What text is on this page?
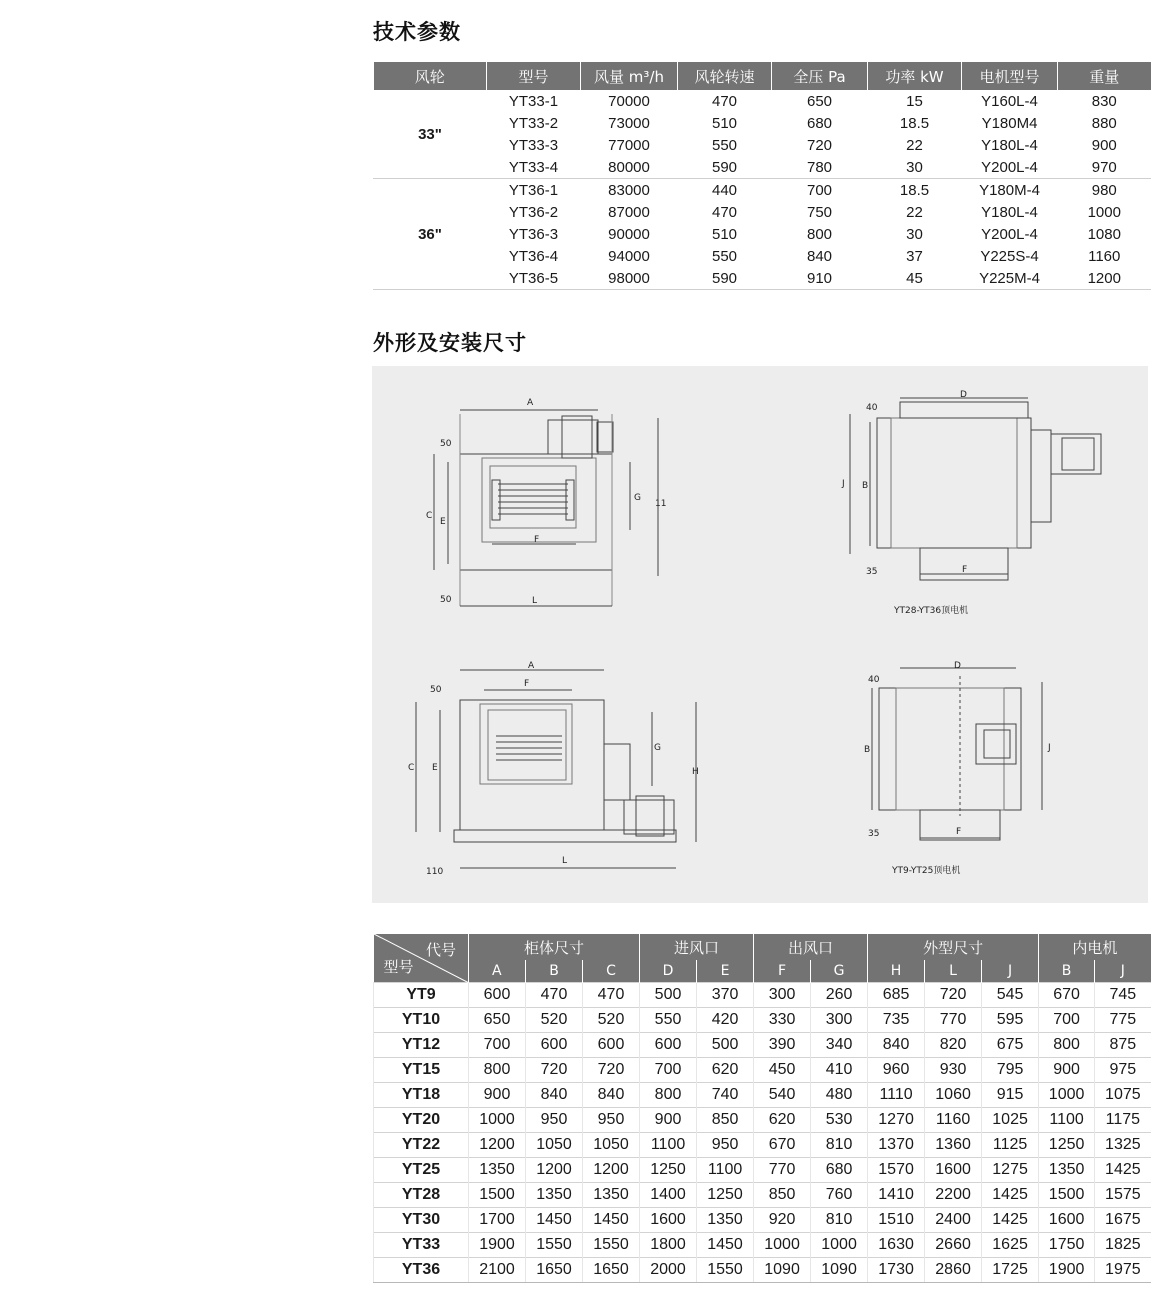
技术参数
风轮	型号	风量 m³/h	风轮转速	全压 Pa	功率 kW	电机型号	重量
33"	YT33-1	70000	470	650	15	Y160L-4	830
	YT33-2	73000	510	680	18.5	Y180M4	880
	YT33-3	77000	550	720	22	Y180L-4	900
	YT33-4	80000	590	780	30	Y200L-4	970
36"	YT36-1	83000	440	700	18.5	Y180M-4	980
	YT36-2	87000	470	750	22	Y180L-4	1000
	YT36-3	90000	510	800	30	Y200L-4	1080
	YT36-4	94000	550	840	37	Y225S-4	1160
	YT36-5	98000	590	910	45	Y225M-4	1200
外形及安装尺寸
A
L
C
E
G
11
F
50
50
D
B
J
F
40
35
YT28-YT36顶电机
A
F
C E
G
H
L
50
110
D
B	J
F
40
35
YT9-YT25顶电机
代号
型号	柜体尺寸			进风口		出风口		外型尺寸			内电机	
	A	B	C	D	E	F	G	H	L	J	B	J
YT9	600	470	470	500	370	300	260	685	720	545	670	745
YT10	650	520	520	550	420	330	300	735	770	595	700	775
YT12	700	600	600	600	500	390	340	840	820	675	800	875
YT15	800	720	720	700	620	450	410	960	930	795	900	975
YT18	900	840	840	800	740	540	480	1110	1060	915	1000	1075
YT20	1000	950	950	900	850	620	530	1270	1160	1025	1100	1175
YT22	1200	1050	1050	1100	950	670	810	1370	1360	1125	1250	1325
YT25	1350	1200	1200	1250	1100	770	680	1570	1600	1275	1350	1425
YT28	1500	1350	1350	1400	1250	850	760	1410	2200	1425	1500	1575
YT30	1700	1450	1450	1600	1350	920	810	1510	2400	1425	1600	1675
YT33	1900	1550	1550	1800	1450	1000	1000	1630	2660	1625	1750	1825
YT36	2100	1650	1650	2000	1550	1090	1090	1730	2860	1725	1900	1975
